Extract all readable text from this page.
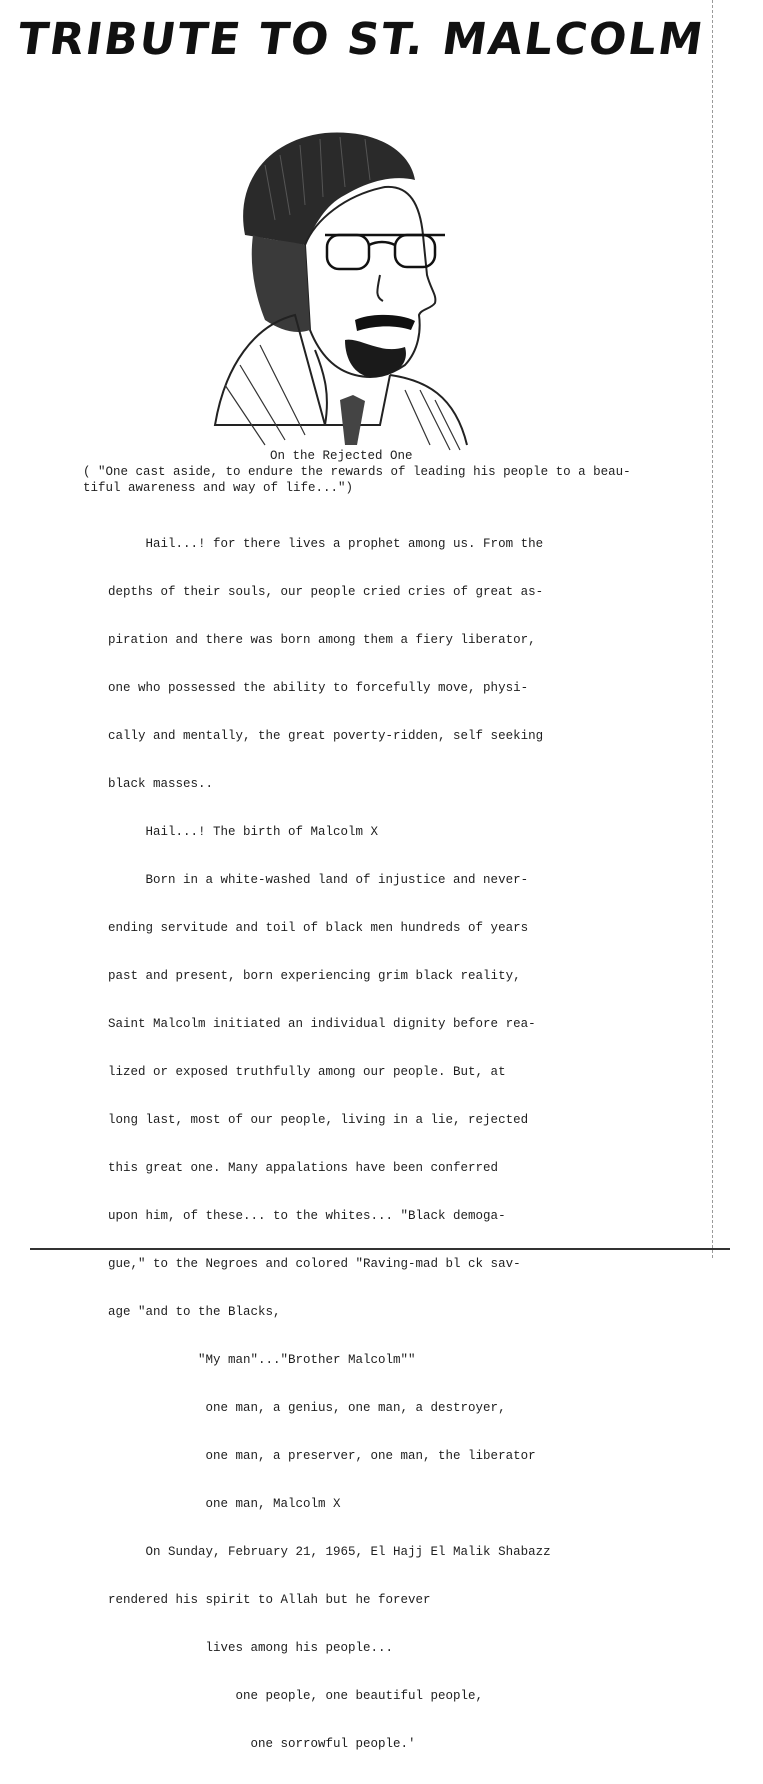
TRIBUTE TO ST. MALCOLM
On the Rejected One
( "One cast aside, to endure the rewards of leading his people to a beau-tiful awareness and way of life...")

Hail...! for there lives a prophet among us. From the

depths of their souls, our people cried cries of great as-

piration and there was born among them a fiery liberator,

one who possessed the ability to forcefully move, physi-

cally and mentally, the great poverty-ridden, self seeking

black masses..

Hail...! The birth of Malcolm X

Born in a white-washed land of injustice and never-

ending servitude and toil of black men hundreds of years

past and present, born experiencing grim black reality,

Saint Malcolm initiated an individual dignity before rea-

lized or exposed truthfully among our people. But, at

long last, most of our people, living in a lie, rejected

this great one. Many appalations have been conferred

upon him, of these... to the whites... "Black demoga-

gue," to the Negroes and colored "Raving-mad bl ck sav-

age "and to the Blacks,

"My man"..."Brother Malcolm""

one man, a genius, one man, a destroyer,

one man, a preserver, one man, the liberator

one man, Malcolm X

On Sunday, February 21, 1965, El Hajj El Malik Shabazz

rendered his spirit to Allah but he forever

lives among his people...

one people, one beautiful people,

one sorrowful people.'
